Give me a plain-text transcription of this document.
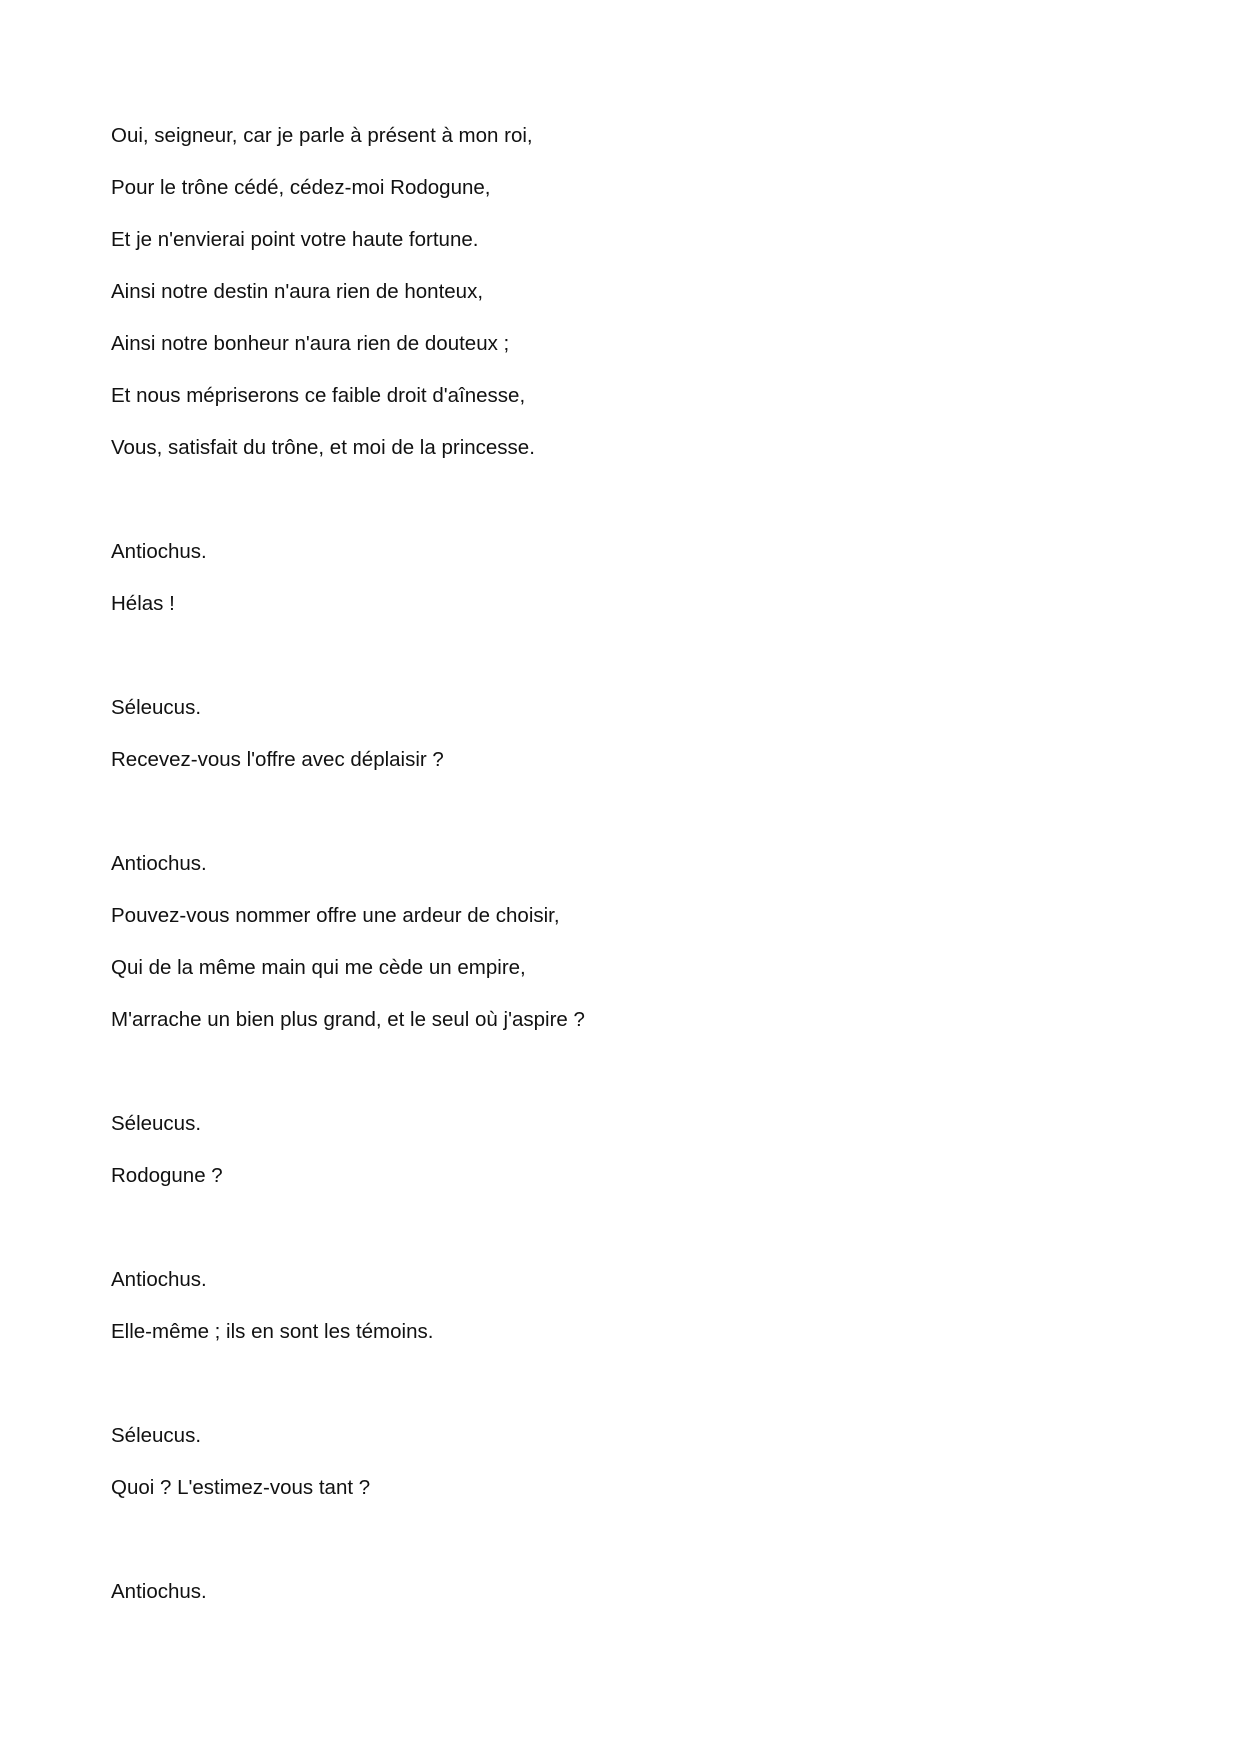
Oui, seigneur, car je parle à présent à mon roi,
Pour le trône cédé, cédez-moi Rodogune,
Et je n'envierai point votre haute fortune.
Ainsi notre destin n'aura rien de honteux,
Ainsi notre bonheur n'aura rien de douteux ;
Et nous mépriserons ce faible droit d'aînesse,
Vous, satisfait du trône, et moi de la princesse.
Antiochus.
Hélas !
Séleucus.
Recevez-vous l'offre avec déplaisir ?
Antiochus.
Pouvez-vous nommer offre une ardeur de choisir,
Qui de la même main qui me cède un empire,
M'arrache un bien plus grand, et le seul où j'aspire ?
Séleucus.
Rodogune ?
Antiochus.
Elle-même ; ils en sont les témoins.
Séleucus.
Quoi ? L'estimez-vous tant ?
Antiochus.
